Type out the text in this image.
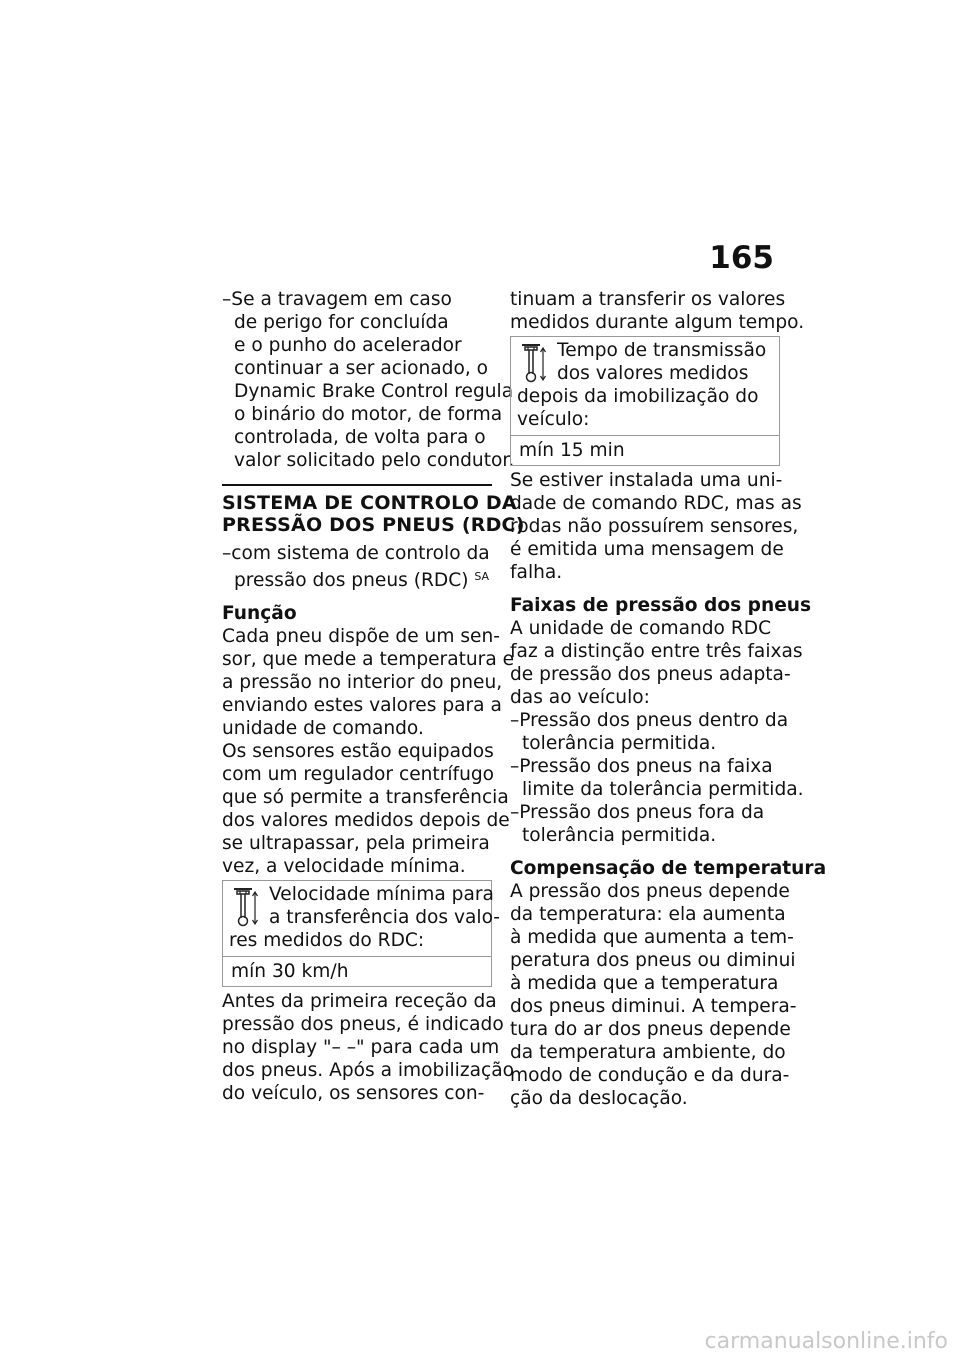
165
–Se a travagem em caso
de perigo for concluída
e o punho do acelerador
continuar a ser acionado, o
Dynamic Brake Control regula
o binário do motor, de forma
controlada, de volta para o
valor solicitado pelo condutor.
SISTEMA DE CONTROLO DA
PRESSÃO DOS PNEUS (RDC)
–com sistema de controlo da
pressão dos pneus (RDC) $^{SA}$
Função
Cada pneu dispõe de um sen-
sor, que mede a temperatura e
a pressão no interior do pneu,
enviando estes valores para a
unidade de comando.
Os sensores estão equipados
com um regulador centrífugo
que só permite a transferência
dos valores medidos depois de
se ultrapassar, pela primeira
vez, a velocidade mínima.
Velocidade mínima para
a transferência dos valo-
res medidos do RDC:
mín 30 km/h
Antes da primeira receção da
pressão dos pneus, é indicado
no display "– –" para cada um
dos pneus. Após a imobilização
do veículo, os sensores con-
tinuam a transferir os valores
medidos durante algum tempo.
Tempo de transmissão
dos valores medidos
depois da imobilização do
veículo:
mín 15 min
Se estiver instalada uma uni-
dade de comando RDC, mas as
rodas não possuírem sensores,
é emitida uma mensagem de
falha.
Faixas de pressão dos pneus
A unidade de comando RDC
faz a distinção entre três faixas
de pressão dos pneus adapta-
das ao veículo:
–Pressão dos pneus dentro da
tolerância permitida.
–Pressão dos pneus na faixa
limite da tolerância permitida.
–Pressão dos pneus fora da
tolerância permitida.
Compensação de temperatura
A pressão dos pneus depende
da temperatura: ela aumenta
à medida que aumenta a tem-
peratura dos pneus ou diminui
à medida que a temperatura
dos pneus diminui. A tempera-
tura do ar dos pneus depende
da temperatura ambiente, do
modo de condução e da dura-
ção da deslocação.
carmanualsonline.info
